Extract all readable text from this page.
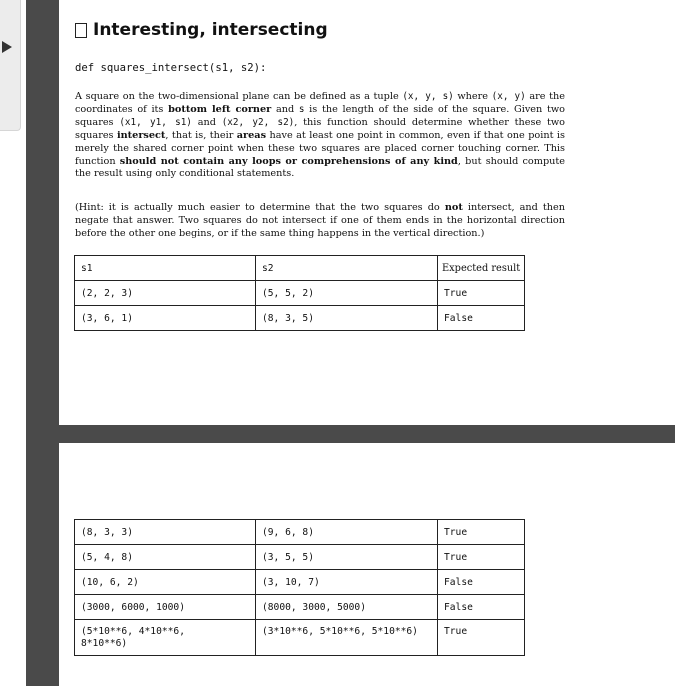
Interesting, intersecting
def squares_intersect(s1, s2):

A square on the two-dimensional plane can be defined as a tuple (x, y, s) where (x, y) are the coordinates of its bottom left corner and s is the length of the side of the square. Given two squares (x1, y1, s1) and (x2, y2, s2), this function should determine whether these two squares intersect, that is, their areas have at least one point in common, even if that one point is merely the shared corner point when these two squares are placed corner touching corner. This function should not contain any loops or comprehensions of any kind, but should compute the result using only conditional statements.

(Hint: it is actually much easier to determine that the two squares do not intersect, and then negate that answer. Two squares do not intersect if one of them ends in the horizontal direction before the other one begins, or if the same thing happens in the vertical direction.)

s1	s2	Expected result
(2, 2, 3)	(5, 5, 2)	True
(3, 6, 1)	(8, 3, 5)	False
(8, 3, 3)	(9, 6, 8)	True
(5, 4, 8)	(3, 5, 5)	True
(10, 6, 2)	(3, 10, 7)	False
(3000, 6000, 1000)	(8000, 3000, 5000)	False
(5*10**6, 4*10**6,
8*10**6)	(3*10**6, 5*10**6, 5*10**6)	True
